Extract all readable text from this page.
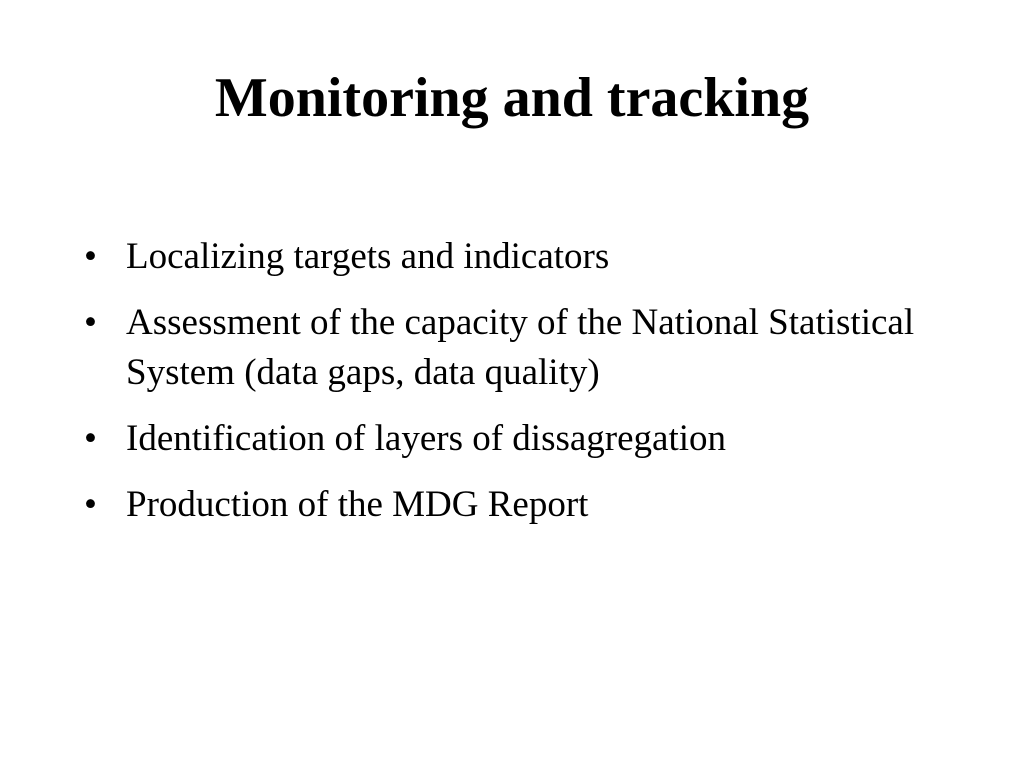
Monitoring and tracking
• Localizing targets and indicators
• Assessment of the capacity of the National Statistical System (data gaps, data quality)
• Identification of layers of dissagregation
• Production of the MDG Report
